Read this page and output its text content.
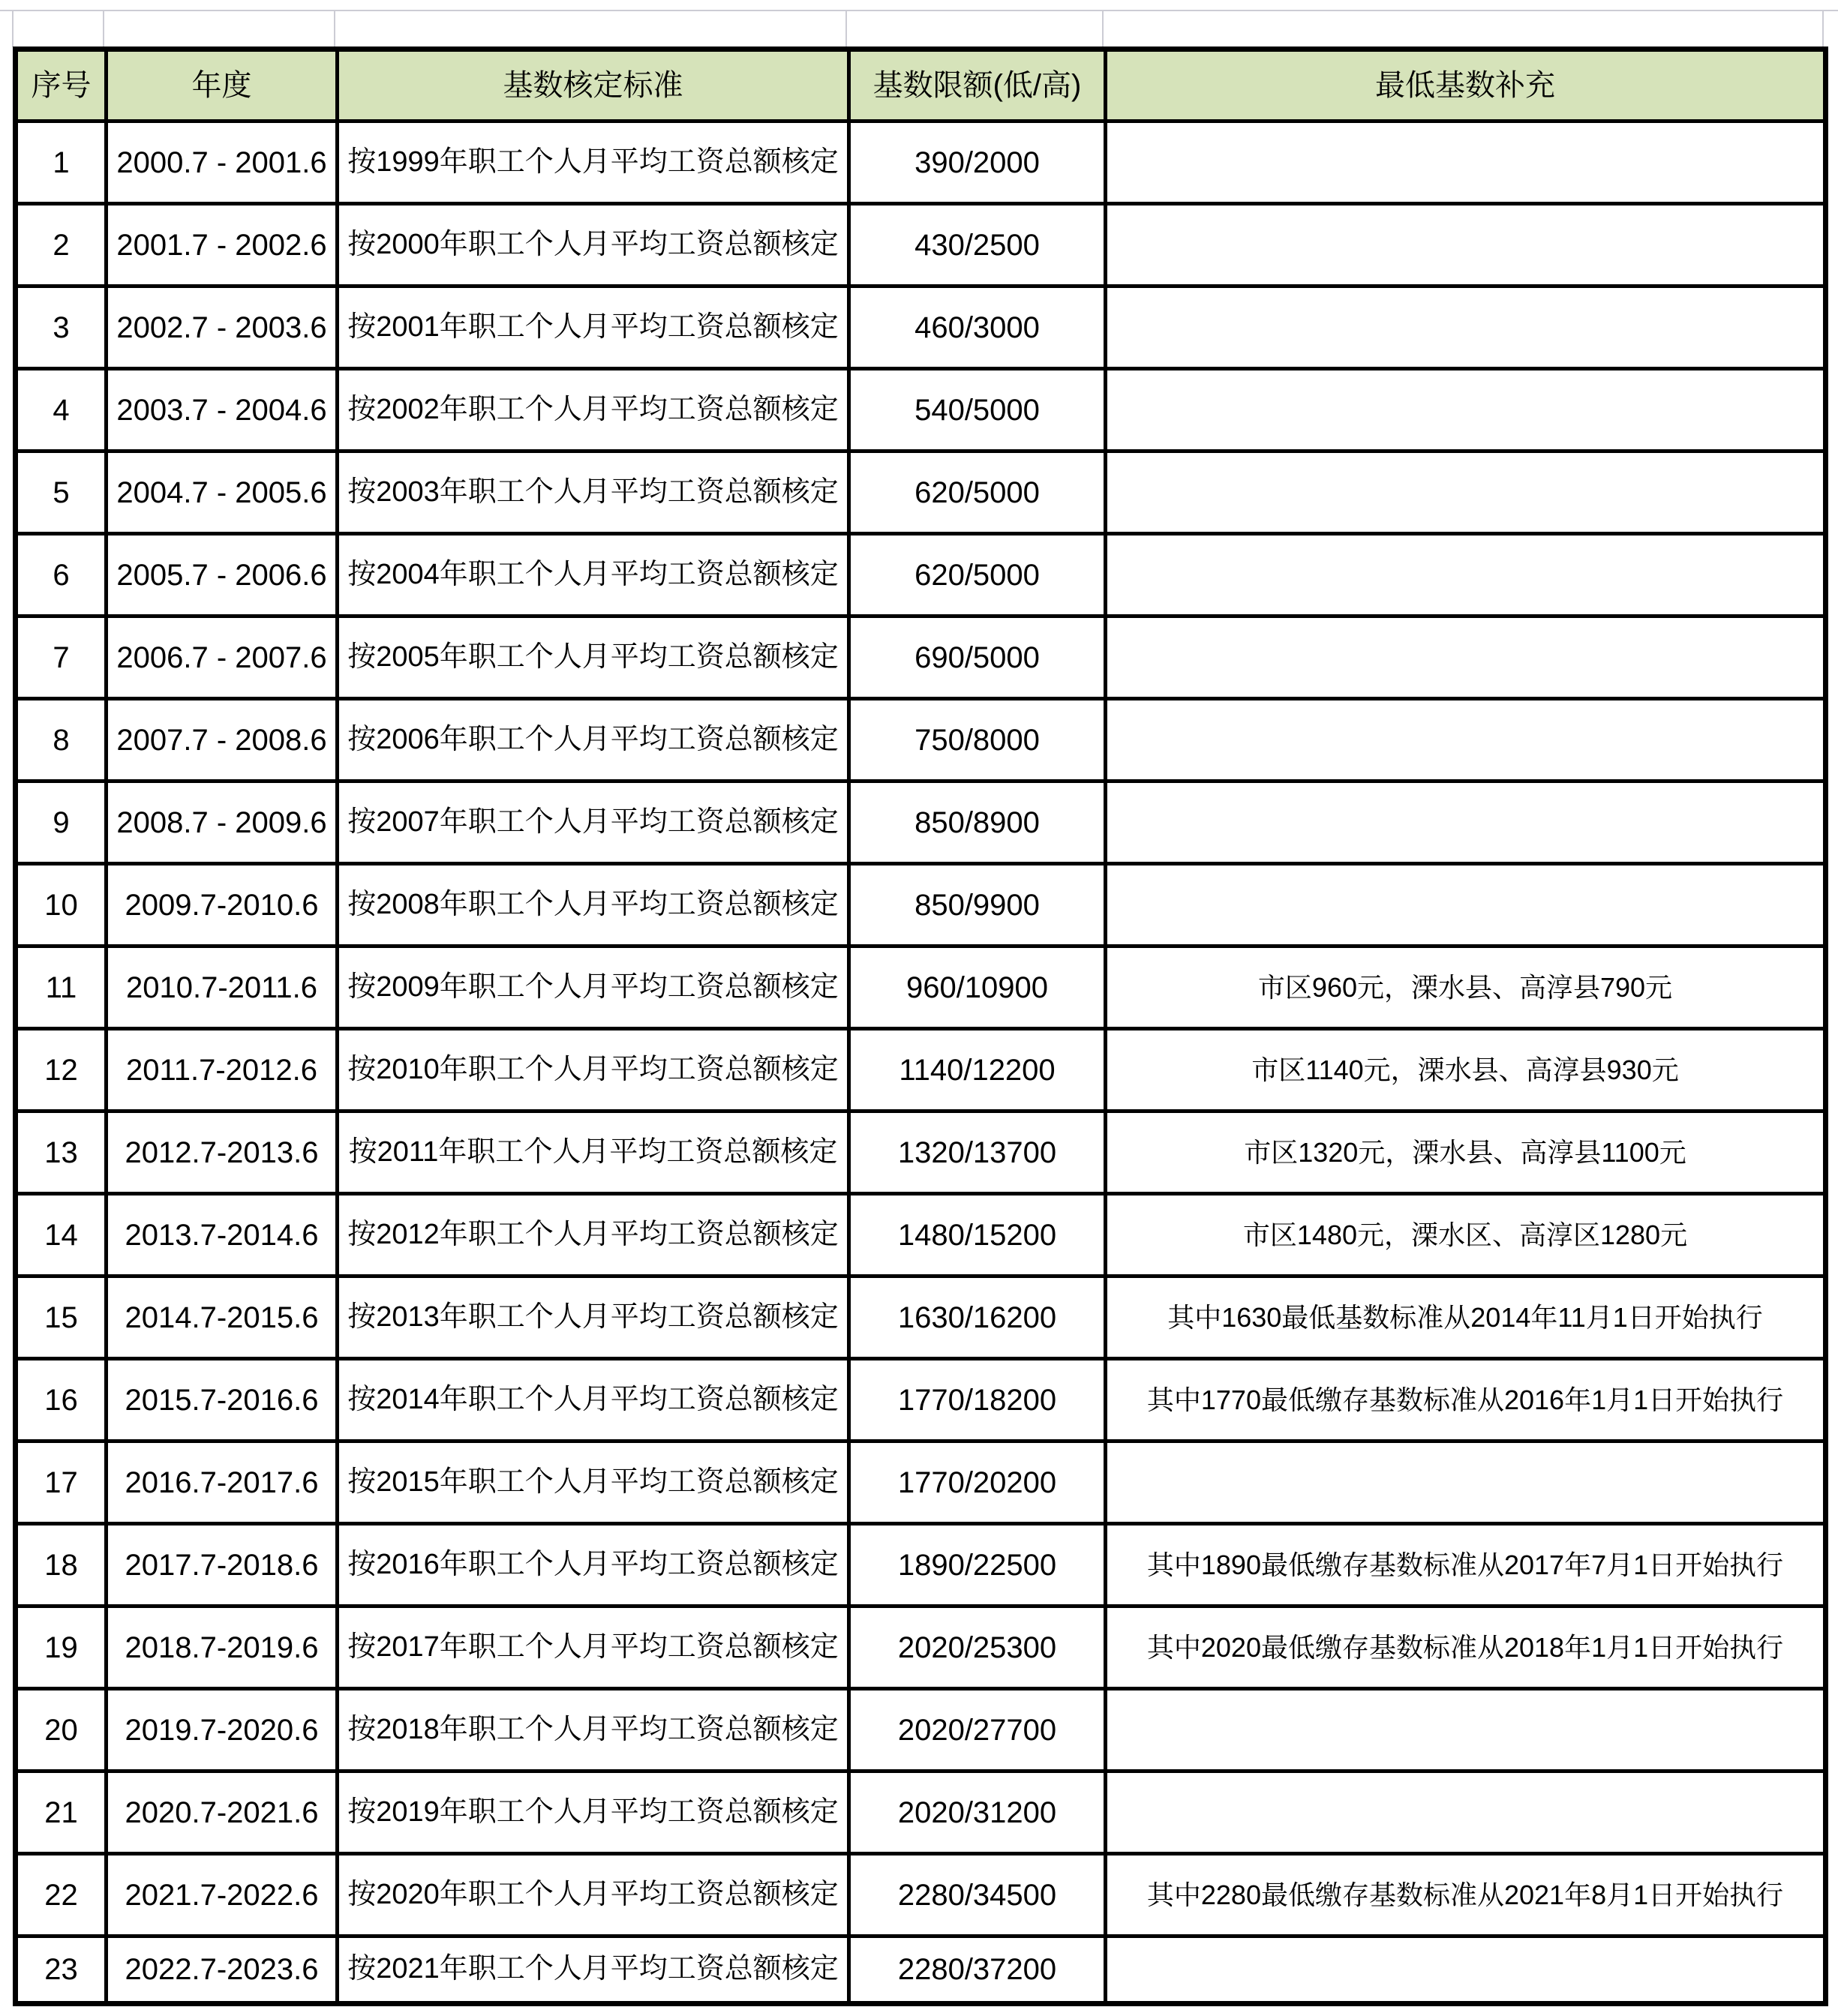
序号	年度	基数核定标准	基数限额(低/高)	最低基数补充
1	2000.7 - 2001.6	按1999年职工个人月平均工资总额核定	390/2000	
2	2001.7 - 2002.6	按2000年职工个人月平均工资总额核定	430/2500	
3	2002.7 - 2003.6	按2001年职工个人月平均工资总额核定	460/3000	
4	2003.7 - 2004.6	按2002年职工个人月平均工资总额核定	540/5000	
5	2004.7 - 2005.6	按2003年职工个人月平均工资总额核定	620/5000	
6	2005.7 - 2006.6	按2004年职工个人月平均工资总额核定	620/5000	
7	2006.7 - 2007.6	按2005年职工个人月平均工资总额核定	690/5000	
8	2007.7 - 2008.6	按2006年职工个人月平均工资总额核定	750/8000	
9	2008.7 - 2009.6	按2007年职工个人月平均工资总额核定	850/8900	
10	2009.7-2010.6	按2008年职工个人月平均工资总额核定	850/9900	
11	2010.7-2011.6	按2009年职工个人月平均工资总额核定	960/10900	市区960元，溧水县、高淳县790元
12	2011.7-2012.6	按2010年职工个人月平均工资总额核定	1140/12200	市区1140元，溧水县、高淳县930元
13	2012.7-2013.6	按2011年职工个人月平均工资总额核定	1320/13700	市区1320元，溧水县、高淳县1100元
14	2013.7-2014.6	按2012年职工个人月平均工资总额核定	1480/15200	市区1480元，溧水区、高淳区1280元
15	2014.7-2015.6	按2013年职工个人月平均工资总额核定	1630/16200	其中1630最低基数标准从2014年11月1日开始执行
16	2015.7-2016.6	按2014年职工个人月平均工资总额核定	1770/18200	其中1770最低缴存基数标准从2016年1月1日开始执行
17	2016.7-2017.6	按2015年职工个人月平均工资总额核定	1770/20200	
18	2017.7-2018.6	按2016年职工个人月平均工资总额核定	1890/22500	其中1890最低缴存基数标准从2017年7月1日开始执行
19	2018.7-2019.6	按2017年职工个人月平均工资总额核定	2020/25300	其中2020最低缴存基数标准从2018年1月1日开始执行
20	2019.7-2020.6	按2018年职工个人月平均工资总额核定	2020/27700	
21	2020.7-2021.6	按2019年职工个人月平均工资总额核定	2020/31200	
22	2021.7-2022.6	按2020年职工个人月平均工资总额核定	2280/34500	其中2280最低缴存基数标准从2021年8月1日开始执行
23	2022.7-2023.6	按2021年职工个人月平均工资总额核定	2280/37200	
